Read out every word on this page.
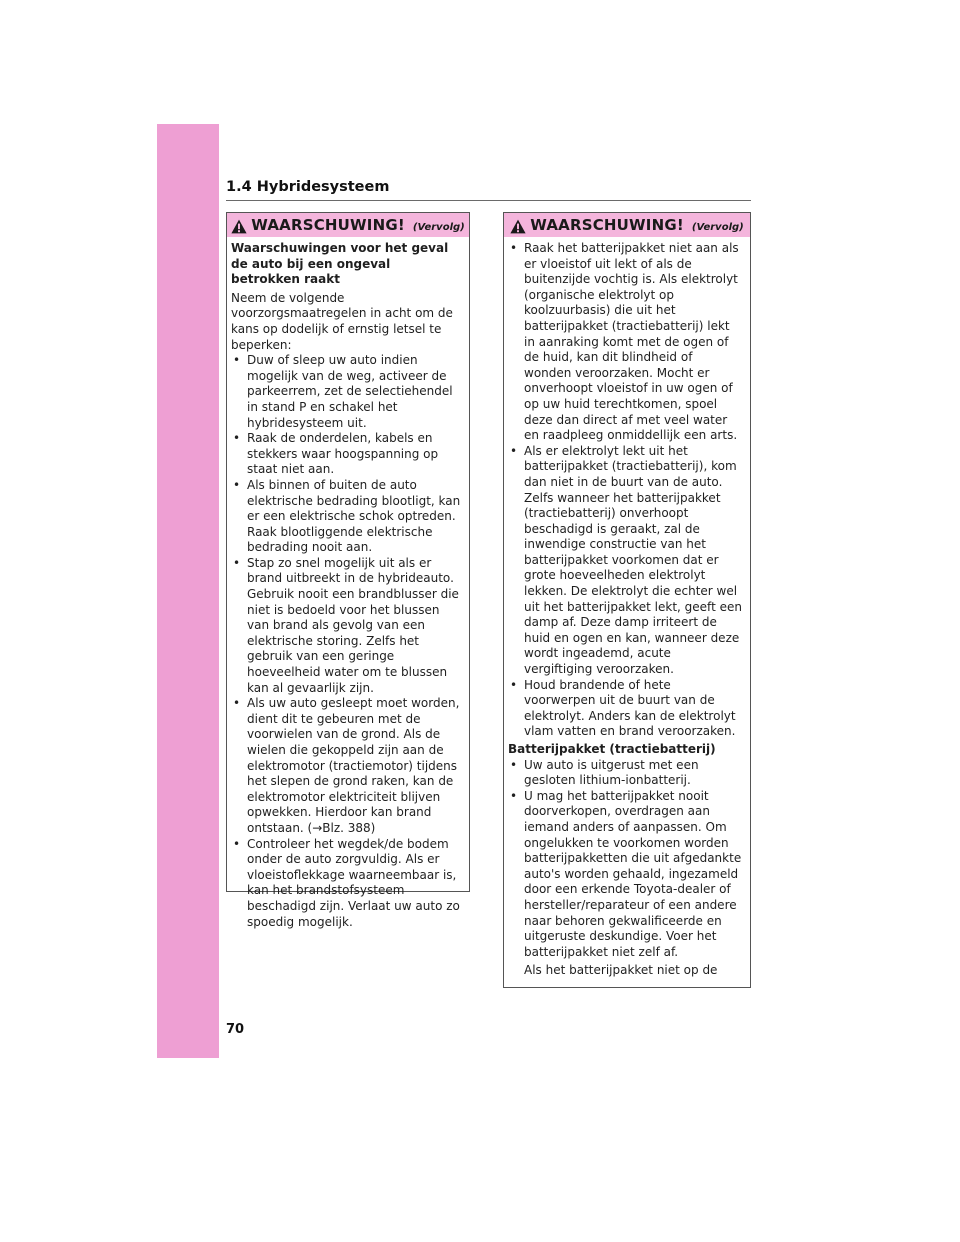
1.4 Hybridesysteem
WAARSCHUWING! (Vervolg)

Waarschuwingen voor het geval de auto bij een ongeval betrokken raakt

Neem de volgende voorzorgsmaatregelen in acht om de kans op dodelijk of ernstig letsel te beperken:

• Duw of sleep uw auto indien mogelijk van de weg, activeer de parkeerrem, zet de selectiehendel in stand P en schakel het hybridesysteem uit.
• Raak de onderdelen, kabels en stekkers waar hoogspanning op staat niet aan.
• Als binnen of buiten de auto elektrische bedrading blootligt, kan er een elektrische schok optreden. Raak blootliggende elektrische bedrading nooit aan.
• Stap zo snel mogelijk uit als er brand uitbreekt in de hybrideauto. Gebruik nooit een brandblusser die niet is bedoeld voor het blussen van brand als gevolg van een elektrische storing. Zelfs het gebruik van een geringe hoeveelheid water om te blussen kan al gevaarlijk zijn.
• Als uw auto gesleept moet worden, dient dit te gebeuren met de voorwielen van de grond. Als de wielen die gekoppeld zijn aan de elektromotor (tractiemotor) tijdens het slepen de grond raken, kan de elektromotor elektriciteit blijven opwekken. Hierdoor kan brand ontstaan. (→Blz. 388)
• Controleer het wegdek/de bodem onder de auto zorgvuldig. Als er vloeistoflekkage waarneembaar is, kan het brandstofsysteem beschadigd zijn. Verlaat uw auto zo spoedig mogelijk.
WAARSCHUWING! (Vervolg)
• Raak het batterijpakket niet aan als er vloeistof uit lekt of als de buitenzijde vochtig is. Als elektrolyt (organische elektrolyt op koolzuurbasis) die uit het batterijpakket (tractiebatterij) lekt in aanraking komt met de ogen of de huid, kan dit blindheid of wonden veroorzaken. Mocht er onverhoopt vloeistof in uw ogen of op uw huid terechtkomen, spoel deze dan direct af met veel water en raadpleeg onmiddellijk een arts.
• Als er elektrolyt lekt uit het batterijpakket (tractiebatterij), kom dan niet in de buurt van de auto. Zelfs wanneer het batterijpakket (tractiebatterij) onverhoopt beschadigd is geraakt, zal de inwendige constructie van het batterijpakket voorkomen dat er grote hoeveelheden elektrolyt lekken. De elektrolyt die echter wel uit het batterijpakket lekt, geeft een damp af. Deze damp irriteert de huid en ogen en kan, wanneer deze wordt ingeademd, acute vergiftiging veroorzaken.
• Houd brandende of hete voorwerpen uit de buurt van de elektrolyt. Anders kan de elektrolyt vlam vatten en brand veroorzaken.

Batterijpakket (tractiebatterij)

• Uw auto is uitgerust met een gesloten lithium-ionbatterij.
• U mag het batterijpakket nooit doorverkopen, overdragen aan iemand anders of aanpassen. Om ongelukken te voorkomen worden batterijpakketten die uit afgedankte auto's worden gehaald, ingezameld door een erkende Toyota-dealer of hersteller/reparateur of een andere naar behoren gekwalificeerde en uitgeruste deskundige. Voer het batterijpakket niet zelf af.

Als het batterijpakket niet op de

70
